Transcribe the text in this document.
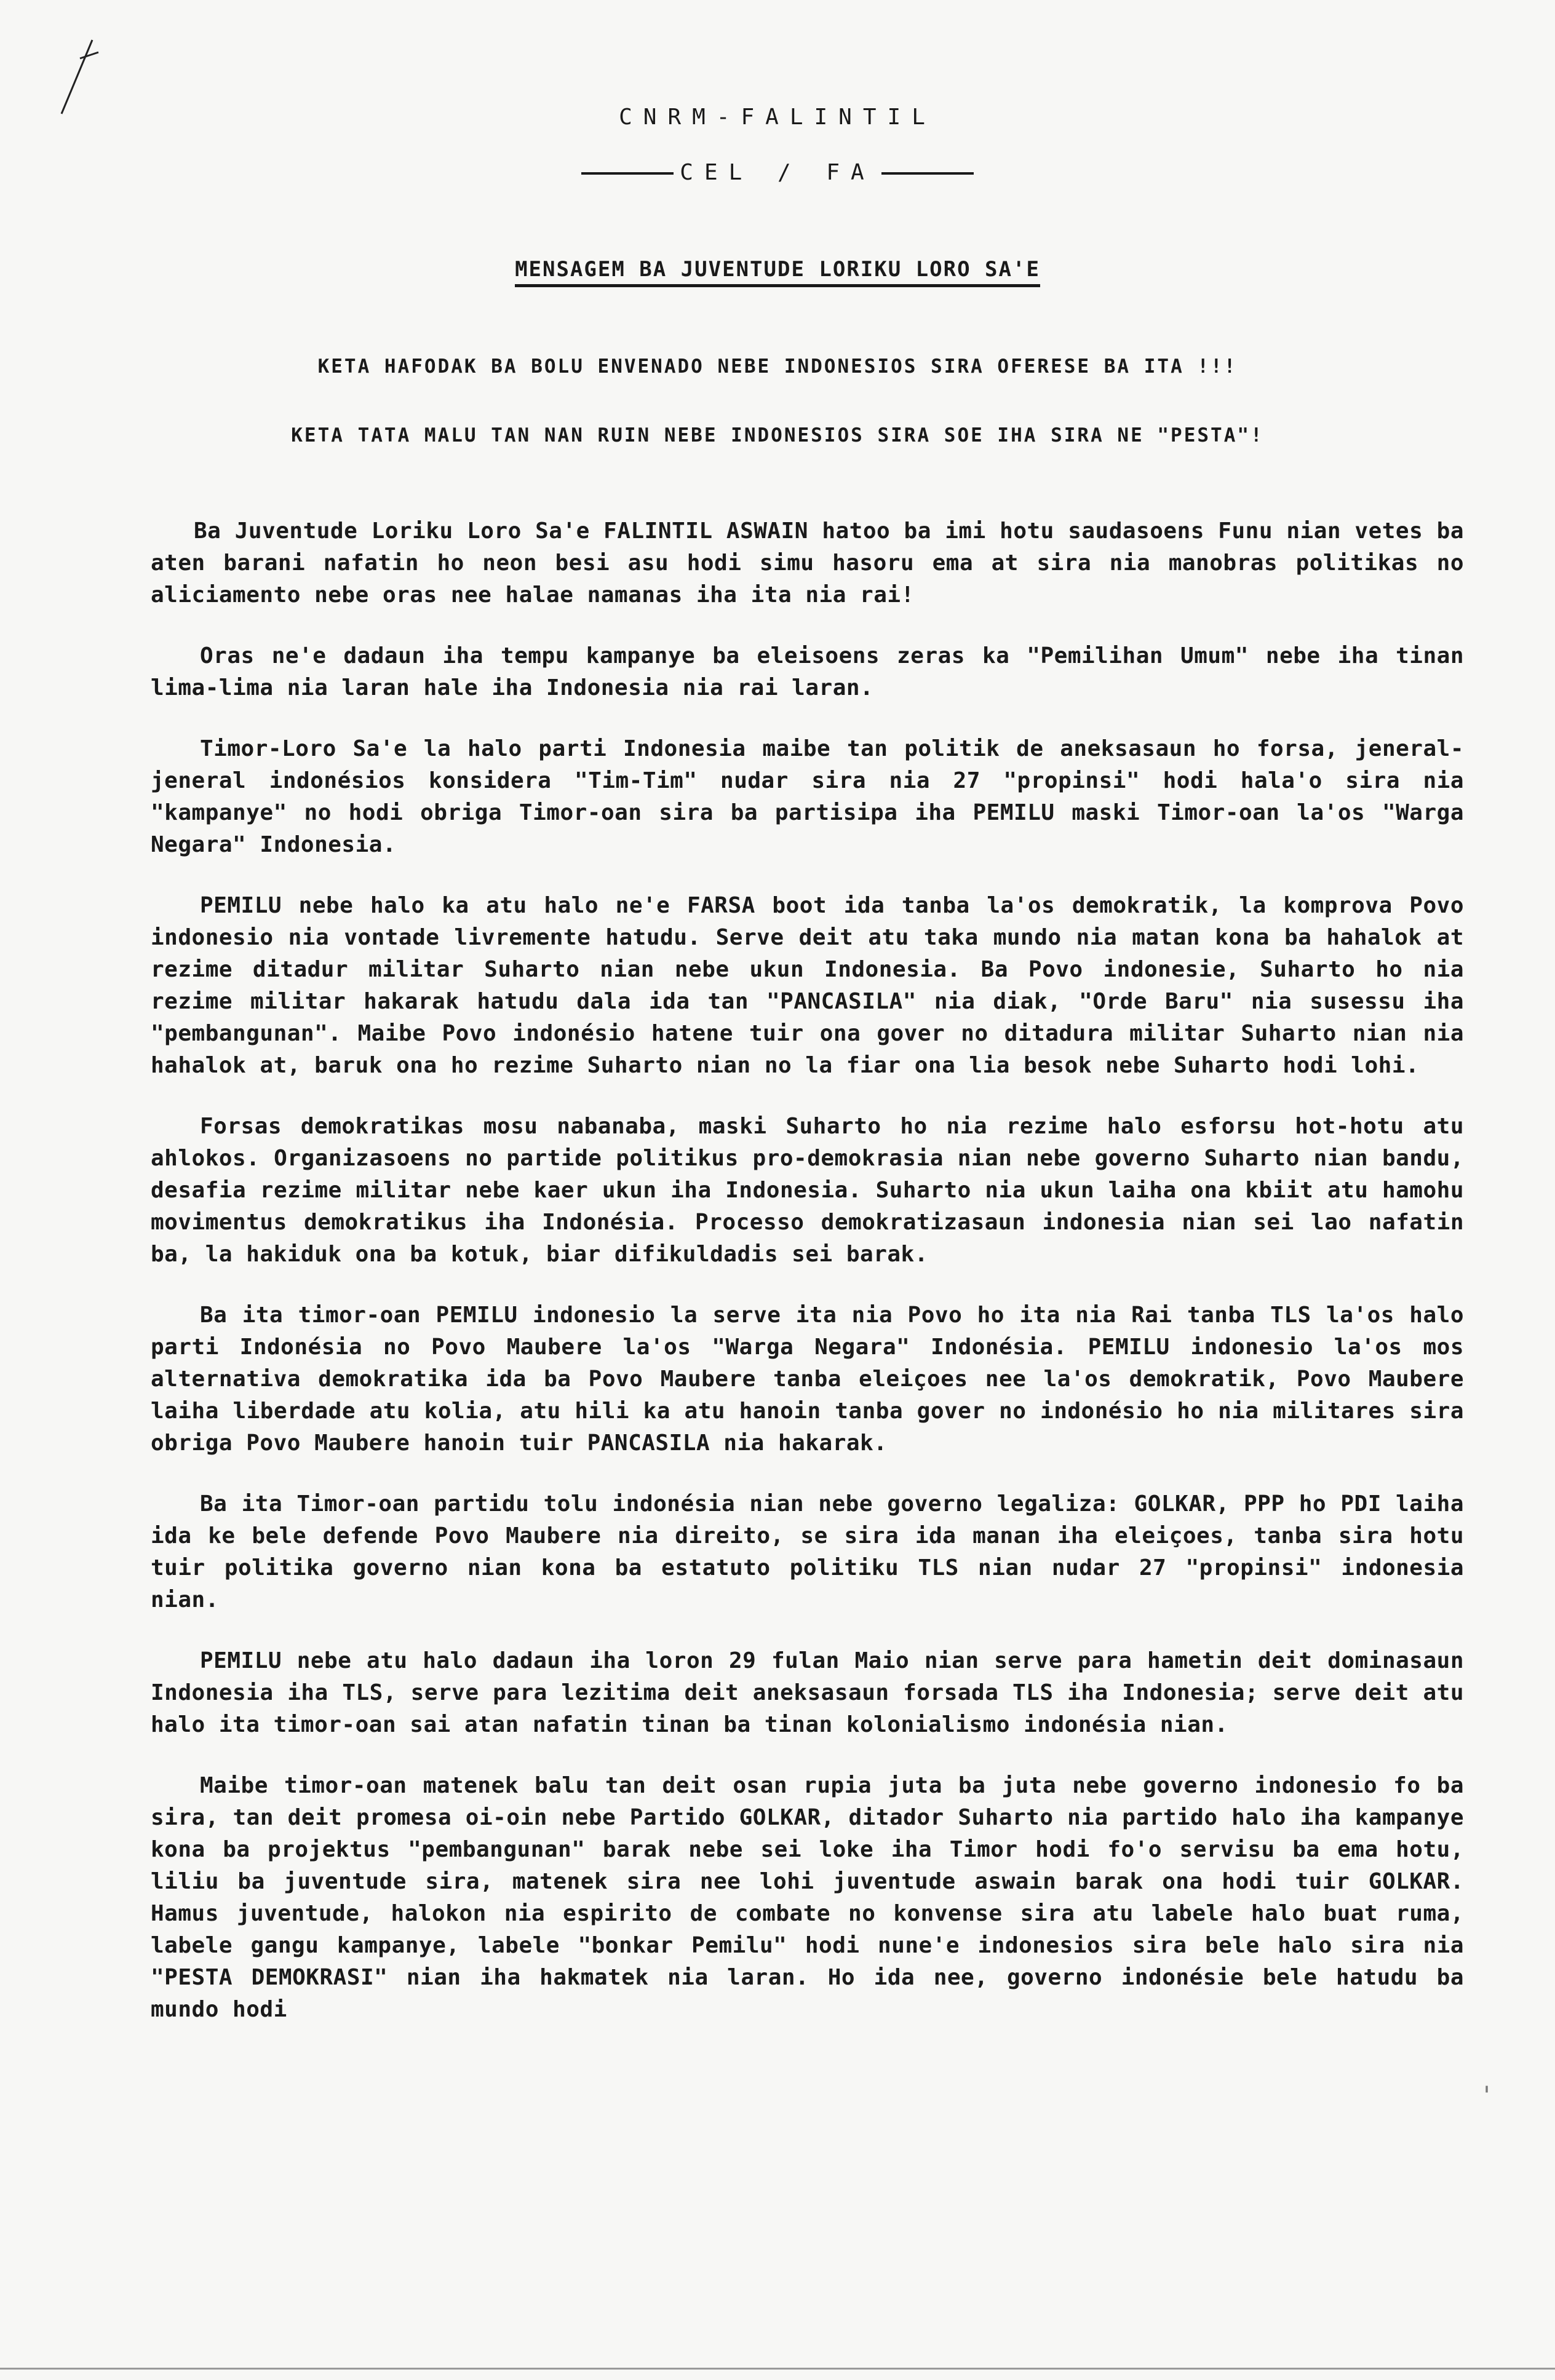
CNRM-FALINTIL
CEL / FA
MENSAGEM BA JUVENTUDE LORIKU LORO SA'E
KETA HAFODAK BA BOLU ENVENADO NEBE INDONESIOS SIRA OFERESE BA ITA !!!
KETA TATA MALU TAN NAN RUIN NEBE INDONESIOS SIRA SOE IHA SIRA NE "PESTA"!

Ba Juventude Loriku Loro Sa'e FALINTIL ASWAIN hatoo ba imi hotu saudasoens Funu nian vetes ba aten barani nafatin ho neon besi asu hodi simu hasoru ema at sira nia manobras politikas no aliciamento nebe oras nee halae namanas iha ita nia rai!

Oras ne'e dadaun iha tempu kampanye ba eleisoens zeras ka "Pemilihan Umum" nebe iha tinan lima-lima nia laran hale iha Indonesia nia rai laran.

Timor-Loro Sa'e la halo parti Indonesia maibe tan politik de aneksasaun ho forsa, jeneral-jeneral indonésios konsidera "Tim-Tim" nudar sira nia 27 "propinsi" hodi hala'o sira nia "kampanye" no hodi obriga Timor-oan sira ba partisipa iha PEMILU maski Timor-oan la'os "Warga Negara" Indonesia.

PEMILU nebe halo ka atu halo ne'e FARSA boot ida tanba la'os demokratik, la komprova Povo indonesio nia vontade livremente hatudu. Serve deit atu taka mundo nia matan kona ba hahalok at rezime ditadur militar Suharto nian nebe ukun Indonesia. Ba Povo indonesie, Suharto ho nia rezime militar hakarak hatudu dala ida tan "PANCASILA" nia diak, "Orde Baru" nia susessu iha "pembangunan". Maibe Povo indonésio hatene tuir ona gover no ditadura militar Suharto nian nia hahalok at, baruk ona ho rezime Suharto nian no la fiar ona lia besok nebe Suharto hodi lohi.

Forsas demokratikas mosu nabanaba, maski Suharto ho nia rezime halo esforsu hot-hotu atu ahlokos. Organizasoens no partide politikus pro-demokrasia nian nebe governo Suharto nian bandu, desafia rezime militar nebe kaer ukun iha Indonesia. Suharto nia ukun laiha ona kbiit atu hamohu movimentus demokratikus iha Indonésia. Processo demokratizasaun indonesia nian sei lao nafatin ba, la hakiduk ona ba kotuk, biar difikuldadis sei barak.

Ba ita timor-oan PEMILU indonesio la serve ita nia Povo ho ita nia Rai tanba TLS la'os halo parti Indonésia no Povo Maubere la'os "Warga Negara" Indonésia. PEMILU indonesio la'os mos alternativa demokratika ida ba Povo Maubere tanba eleiçoes nee la'os demokratik, Povo Maubere laiha liberdade atu kolia, atu hili ka atu hanoin tanba gover no indonésio ho nia militares sira obriga Povo Maubere hanoin tuir PANCASILA nia hakarak.

Ba ita Timor-oan partidu tolu indonésia nian nebe governo legaliza: GOLKAR, PPP ho PDI laiha ida ke bele defende Povo Maubere nia direito, se sira ida manan iha eleiçoes, tanba sira hotu tuir politika governo nian kona ba estatuto politiku TLS nian nudar 27 "propinsi" indonesia nian.

PEMILU nebe atu halo dadaun iha loron 29 fulan Maio nian serve para hametin deit dominasaun Indonesia iha TLS, serve para lezitima deit aneksasaun forsada TLS iha Indonesia; serve deit atu halo ita timor-oan sai atan nafatin tinan ba tinan kolonialismo indonésia nian.

Maibe timor-oan matenek balu tan deit osan rupia juta ba juta nebe governo indonesio fo ba sira, tan deit promesa oi-oin nebe Partido GOLKAR, ditador Suharto nia partido halo iha kampanye kona ba projektus "pembangunan" barak nebe sei loke iha Timor hodi fo'o servisu ba ema hotu, liliu ba juventude sira, matenek sira nee lohi juventude aswain barak ona hodi tuir GOLKAR. Hamus juventude, halokon nia espirito de combate no konvense sira atu labele halo buat ruma, labele gangu kampanye, labele "bonkar Pemilu" hodi nune'e indonesios sira bele halo sira nia "PESTA DEMOKRASI" nian iha hakmatek nia laran. Ho ida nee, governo indonésie bele hatudu ba mundo hodi

'
